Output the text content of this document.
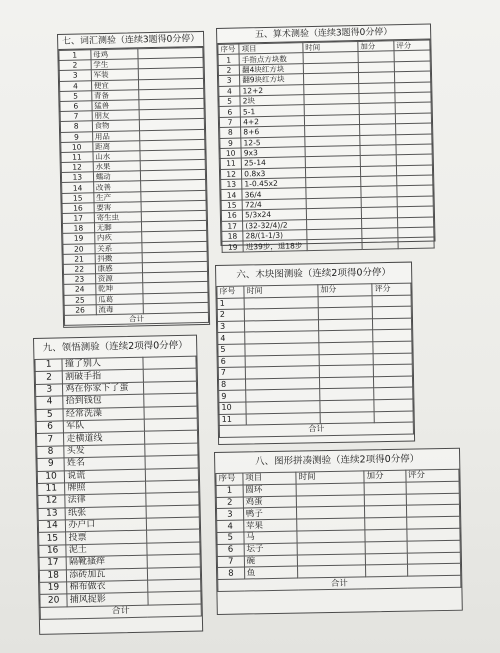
七、词汇测验（连续3题得0分停）
1	母鸡	
2	学生	
3	军装	
4	便宜	
5	青备	
6	猛兽	
7	朋友	
8	食物	
9	用品	
10	距离	
11	山水	
12	水果	
13	蠕动	
14	改善	
15	生产	
16	要害	
17	寄生虫	
18	无脚	
19	内疚	
20	关系	
21	抖擞	
22	康感	
23	资源	
24	乾坤	
25	瓜葛	
26	流毒	
合计		
五、算术测验（连续3题得0分停）
序号	项目	时间	加分	评分
1	手指点方块数			
2	翻4块红方块			
3	翻9块红方块			
4	12+2			
5	2块			
6	5-1			
7	4+2			
8	8+6			
9	12-5			
10	9x3			
11	25-14			
12	0.8x3			
13	1-0.45x2			
14	36/4			
15	72/4			
16	5/3x24			
17	(32-32/4)/2			
18	28/(1-1/3)			
19	进39步，退18步			
六、木块图测验（连续2项得0分停）
序号	时间	加分	评分
1			
2			
3			
4			
5			
6			
7			
8			
9			
10			
11			
合计			
九、领悟测验（连续2项得0分停）
1	撞了别人	
2	割破手指	
3	鸡在你家下了蛋	
4	拾到钱包	
5	经常洗澡	
6	军队	
7	走横道线	
8	头发	
9	姓名	
10	说谎	
11	牌照	
12	法律	
13	纸张	
14	办户口	
15	投票	
16	泥土	
17	隔靴搔痒	
18	添砖加瓦	
19	棉布做衣	
20	捕风捉影	
合计		
八、图形拼凑测验（连续2项得0分停）
序号	项目	时间	加分	评分
1	圆环			
2	鸡蛋			
3	鸭子			
4	苹果			
5	马			
6	坛子			
7	碗			
8	鱼			
合计				
